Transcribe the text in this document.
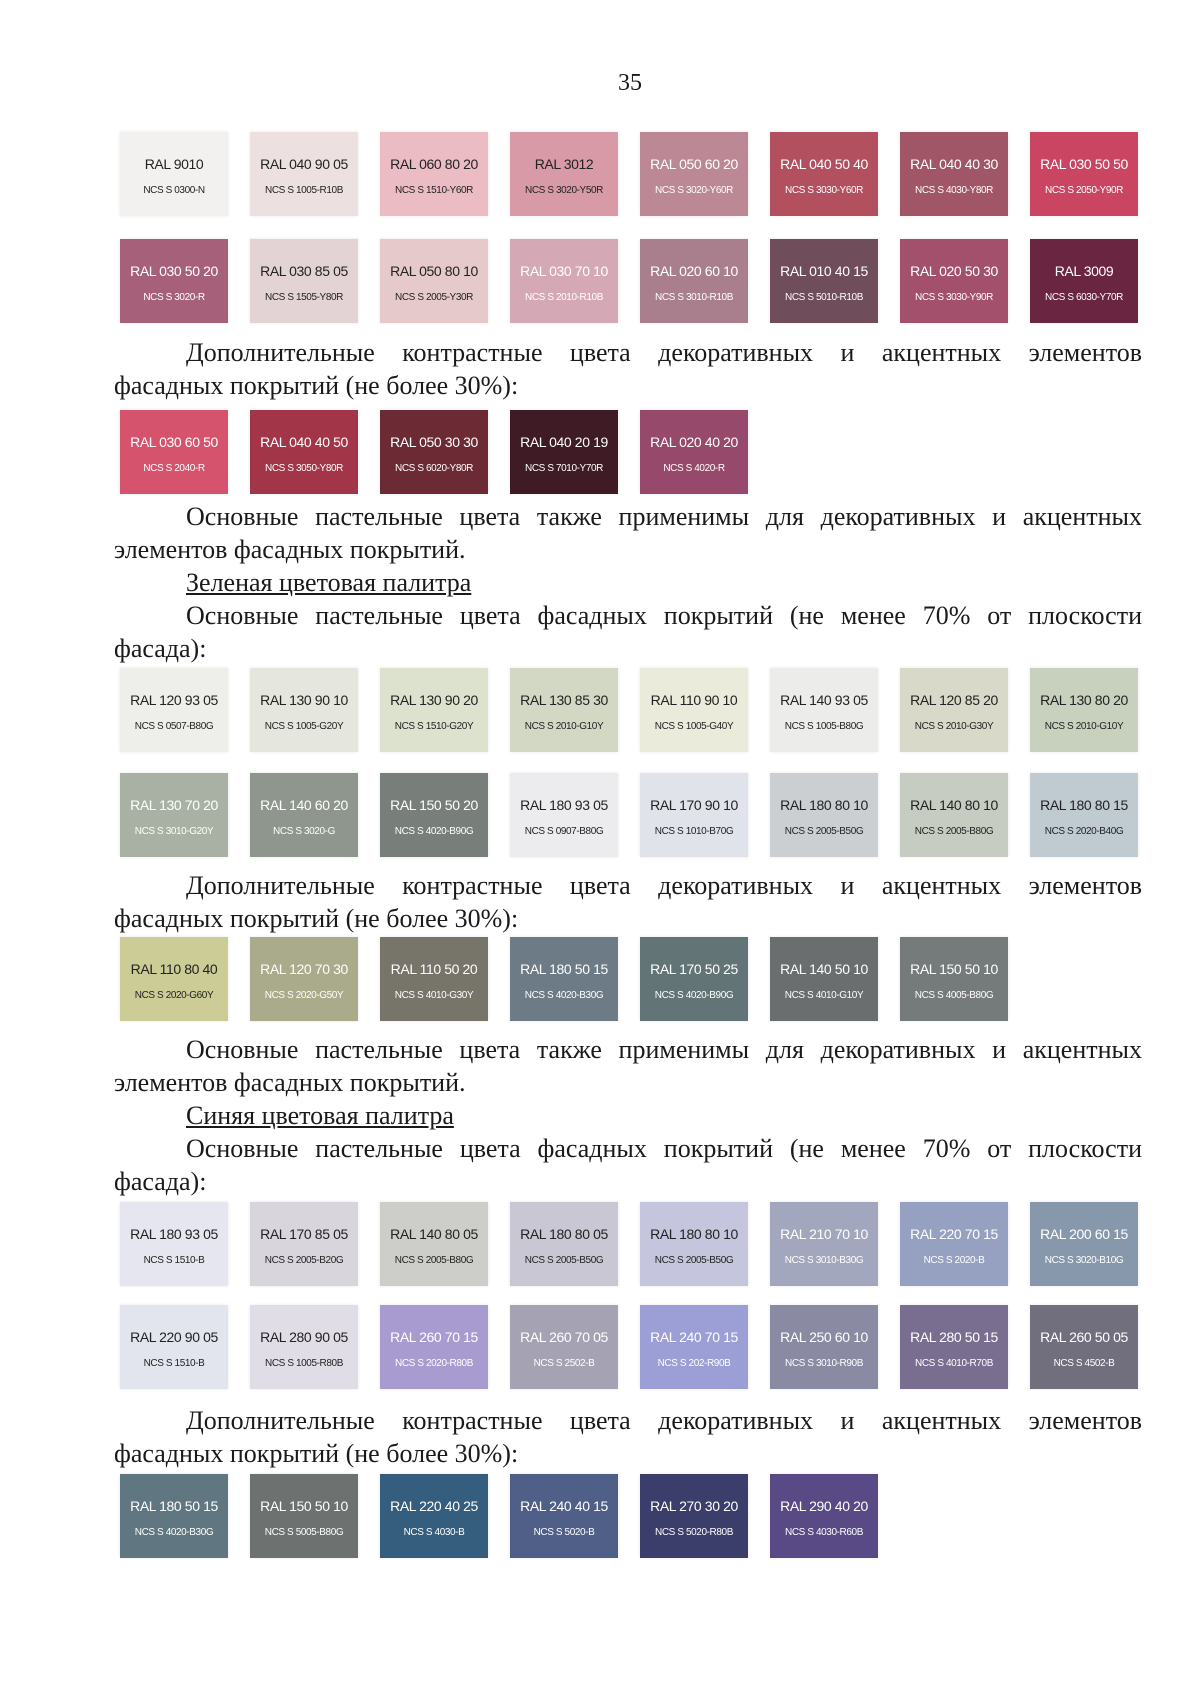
35
RAL 9010
NCS S 0300-N
RAL 040 90 05
NCS S 1005-R10B
RAL 060 80 20
NCS S 1510-Y60R
RAL 3012
NCS S 3020-Y50R
RAL 050 60 20
NCS S 3020-Y60R
RAL 040 50 40
NCS S 3030-Y60R
RAL 040 40 30
NCS S 4030-Y80R
RAL 030 50 50
NCS S 2050-Y90R
RAL 030 50 20
NCS S 3020-R
RAL 030 85 05
NCS S 1505-Y80R
RAL 050 80 10
NCS S 2005-Y30R
RAL 030 70 10
NCS S 2010-R10B
RAL 020 60 10
NCS S 3010-R10B
RAL 010 40 15
NCS S 5010-R10B
RAL 020 50 30
NCS S 3030-Y90R
RAL 3009
NCS S 6030-Y70R
Дополнительные контрастные цвета декоративных и акцентных элементов
фасадных покрытий (не более 30%):
RAL 030 60 50
NCS S 2040-R
RAL 040 40 50
NCS S 3050-Y80R
RAL 050 30 30
NCS S 6020-Y80R
RAL 040 20 19
NCS S 7010-Y70R
RAL 020 40 20
NCS S 4020-R
Основные пастельные цвета также применимы для декоративных и акцентных
элементов фасадных покрытий.
Зеленая цветовая палитра
Основные пастельные цвета фасадных покрытий (не менее 70% от плоскости
фасада):
RAL 120 93 05
NCS S 0507-B80G
RAL 130 90 10
NCS S 1005-G20Y
RAL 130 90 20
NCS S 1510-G20Y
RAL 130 85 30
NCS S 2010-G10Y
RAL 110 90 10
NCS S 1005-G40Y
RAL 140 93 05
NCS S 1005-B80G
RAL 120 85 20
NCS S 2010-G30Y
RAL 130 80 20
NCS S 2010-G10Y
RAL 130 70 20
NCS S 3010-G20Y
RAL 140 60 20
NCS S 3020-G
RAL 150 50 20
NCS S 4020-B90G
RAL 180 93 05
NCS S 0907-B80G
RAL 170 90 10
NCS S 1010-B70G
RAL 180 80 10
NCS S 2005-B50G
RAL 140 80 10
NCS S 2005-B80G
RAL 180 80 15
NCS S 2020-B40G
Дополнительные контрастные цвета декоративных и акцентных элементов
фасадных покрытий (не более 30%):
RAL 110 80 40
NCS S 2020-G60Y
RAL 120 70 30
NCS S 2020-G50Y
RAL 110 50 20
NCS S 4010-G30Y
RAL 180 50 15
NCS S 4020-B30G
RAL 170 50 25
NCS S 4020-B90G
RAL 140 50 10
NCS S 4010-G10Y
RAL 150 50 10
NCS S 4005-B80G
Основные пастельные цвета также применимы для декоративных и акцентных
элементов фасадных покрытий.
Синяя цветовая палитра
Основные пастельные цвета фасадных покрытий (не менее 70% от плоскости
фасада):
RAL 180 93 05
NCS S 1510-B
RAL 170 85 05
NCS S 2005-B20G
RAL 140 80 05
NCS S 2005-B80G
RAL 180 80 05
NCS S 2005-B50G
RAL 180 80 10
NCS S 2005-B50G
RAL 210 70 10
NCS S 3010-B30G
RAL 220 70 15
NCS S 2020-B
RAL 200 60 15
NCS S 3020-B10G
RAL 220 90 05
NCS S 1510-B
RAL 280 90 05
NCS S 1005-R80B
RAL 260 70 15
NCS S 2020-R80B
RAL 260 70 05
NCS S 2502-B
RAL 240 70 15
NCS S 202-R90B
RAL 250 60 10
NCS S 3010-R90B
RAL 280 50 15
NCS S 4010-R70B
RAL 260 50 05
NCS S 4502-B
Дополнительные контрастные цвета декоративных и акцентных элементов
фасадных покрытий (не более 30%):
RAL 180 50 15
NCS S 4020-B30G
RAL 150 50 10
NCS S 5005-B80G
RAL 220 40 25
NCS S 4030-B
RAL 240 40 15
NCS S 5020-B
RAL 270 30 20
NCS S 5020-R80B
RAL 290 40 20
NCS S 4030-R60B
